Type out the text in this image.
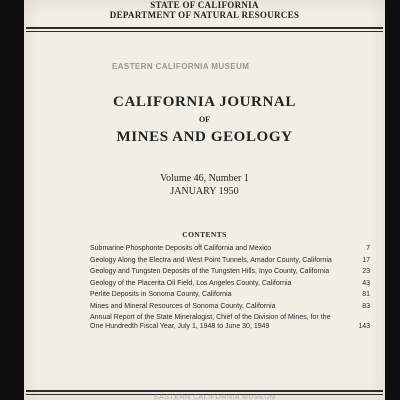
STATE OF CALIFORNIA
DEPARTMENT OF NATURAL RESOURCES
EASTERN CALIFORNIA MUSEUM
CALIFORNIA JOURNAL
OF
MINES AND GEOLOGY
Volume 46, Number 1
JANUARY 1950
CONTENTS
Submarine Phosphorite Deposits off California and Mexico	7
Geology Along the Electra and West Point Tunnels, Amador County, California	17
Geology and Tungsten Deposits of the Tungsten Hills, Inyo County, California	23
Geology of the Placerita Oil Field, Los Angeles County, California	43
Perlite Deposits in Sonoma County, California	81
Mines and Mineral Resources of Sonoma County, California	83
Annual Report of the State Mineralogist, Chief of the Division of Mines, for the One Hundredth Fiscal Year, July 1, 1948 to June 30, 1949	143
EASTERN CALIFORNIA MUSEUM
